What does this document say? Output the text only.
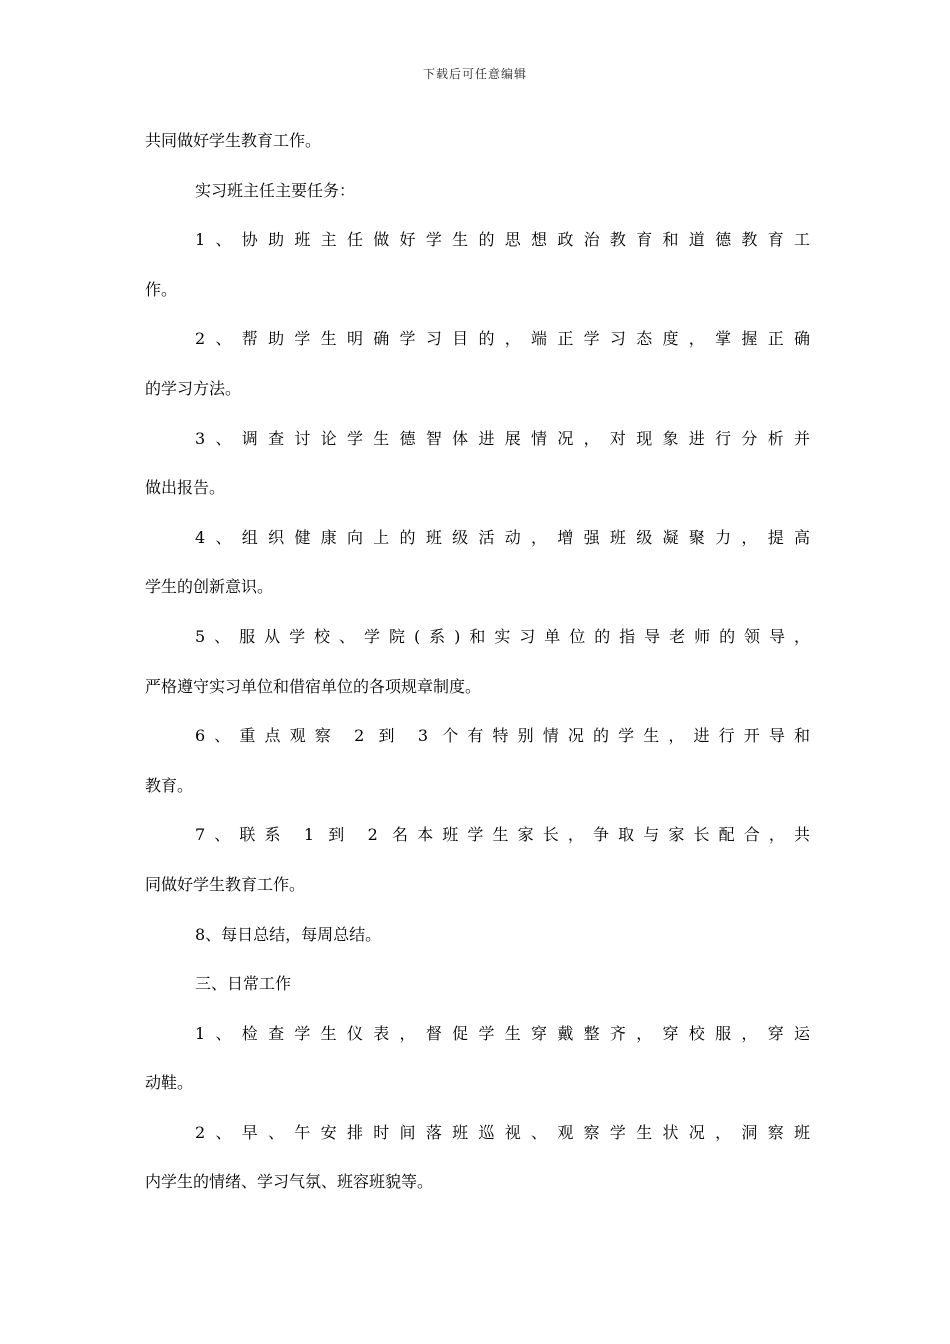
下载后可任意编辑
共同做好学生教育工作。
实习班主任主要任务：
1、协助班主任做好学生的思想政治教育和道德教育工
作。
2、帮助学生明确学习目的，端正学习态度，掌握正确
的学习方法。
3、调查讨论学生德智体进展情况，对现象进行分析并
做出报告。
4、组织健康向上的班级活动，增强班级凝聚力，提高
学生的创新意识。
5、服从学校、学院(系)和实习单位的指导老师的领导，
严格遵守实习单位和借宿单位的各项规章制度。
6、重点观察 2 到 3 个有特别情况的学生，进行开导和
教育。
7、联系 1 到 2 名本班学生家长，争取与家长配合，共
同做好学生教育工作。
8、每日总结，每周总结。
三、日常工作
1、检查学生仪表，督促学生穿戴整齐，穿校服，穿运
动鞋。
2、早、午安排时间落班巡视、观察学生状况，洞察班
内学生的情绪、学习气氛、班容班貌等。
